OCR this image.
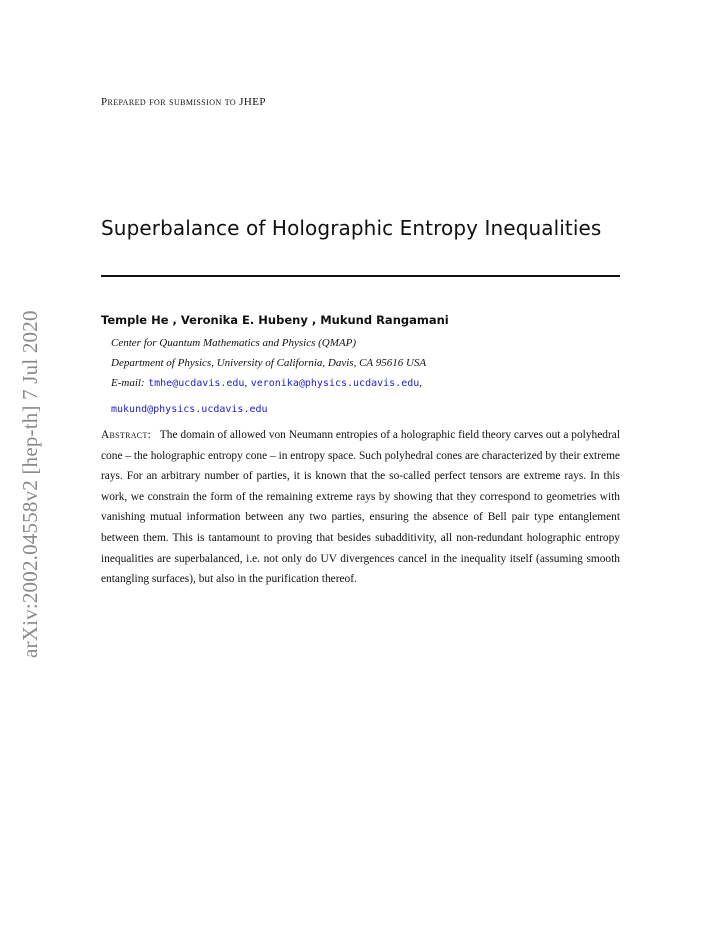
arXiv:2002.04558v2 [hep-th] 7 Jul 2020
Prepared for submission to JHEP
Superbalance of Holographic Entropy Inequalities
Temple He , Veronika E. Hubeny , Mukund Rangamani
Center for Quantum Mathematics and Physics (QMAP)
Department of Physics, University of California, Davis, CA 95616 USA
E-mail: tmhe@ucdavis.edu, veronika@physics.ucdavis.edu,
mukund@physics.ucdavis.edu
Abstract: The domain of allowed von Neumann entropies of a holographic field theory carves out a polyhedral cone – the holographic entropy cone – in entropy space. Such polyhedral cones are characterized by their extreme rays. For an arbitrary number of parties, it is known that the so-called perfect tensors are extreme rays. In this work, we constrain the form of the remaining extreme rays by showing that they correspond to geometries with vanishing mutual information between any two parties, ensuring the absence of Bell pair type entanglement between them. This is tantamount to proving that besides subadditivity, all non-redundant holographic entropy inequalities are superbalanced, i.e. not only do UV divergences cancel in the inequality itself (assuming smooth entangling surfaces), but also in the purification thereof.
